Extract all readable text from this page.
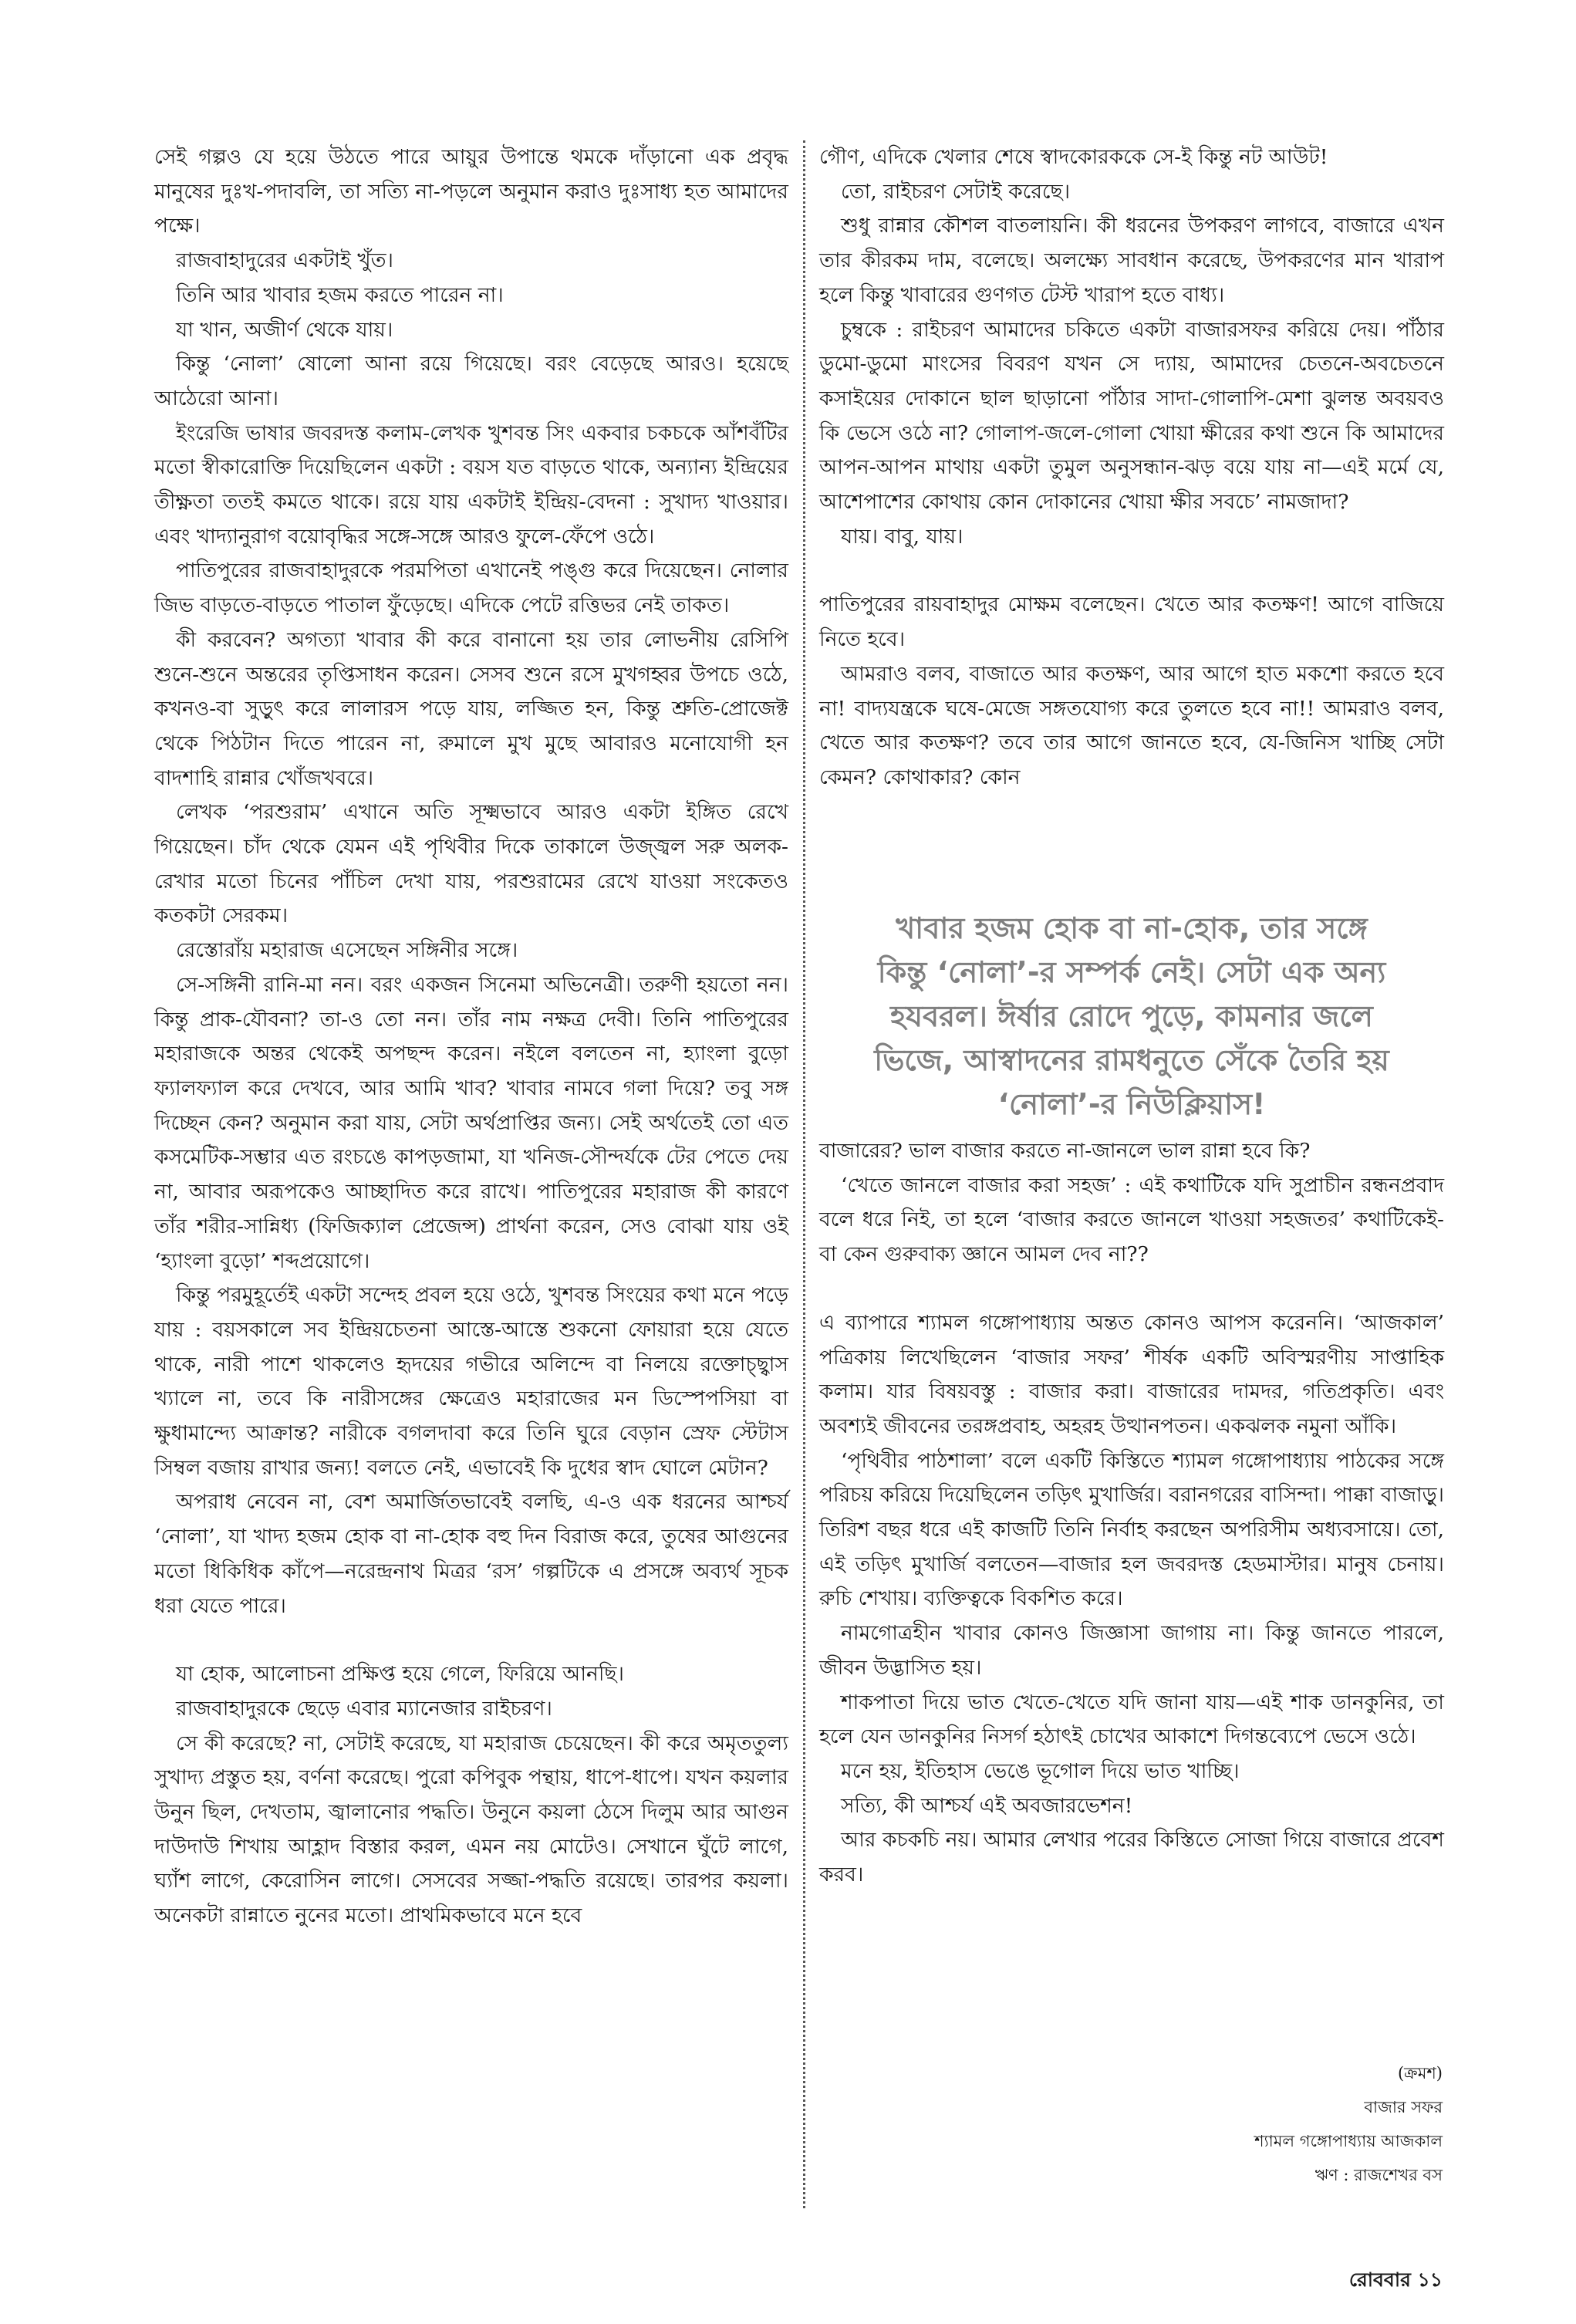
সেই গল্পও যে হয়ে উঠতে পারে আয়ুর উপান্তে থমকে দাঁড়ানো এক প্রবৃদ্ধ মানুষের দুঃখ-পদাবলি, তা সত্যি না-পড়লে অনুমান করাও দুঃসাধ্য হত আমাদের পক্ষে।

রাজবাহাদুরের একটাই খুঁত।

তিনি আর খাবার হজম করতে পারেন না।

যা খান, অজীর্ণ থেকে যায়।

কিন্তু ‘নোলা’ ষোলো আনা রয়ে গিয়েছে। বরং বেড়েছে আরও। হয়েছে আঠেরো আনা।

ইংরেজি ভাষার জবরদস্ত কলাম-লেখক খুশবন্ত সিং একবার চকচকে আঁশবঁটির মতো স্বীকারোক্তি দিয়েছিলেন একটা : বয়স যত বাড়তে থাকে, অন্যান্য ইন্দ্রিয়ের তীক্ষ্ণতা ততই কমতে থাকে। রয়ে যায় একটাই ইন্দ্রিয়-বেদনা : সুখাদ্য খাওয়ার। এবং খাদ্যানুরাগ বয়োবৃদ্ধির সঙ্গে-সঙ্গে আরও ফুলে-ফেঁপে ওঠে।

পাতিপুরের রাজবাহাদুরকে পরমপিতা এখানেই পঙ্গু করে দিয়েছেন। নোলার জিভ বাড়তে-বাড়তে পাতাল ফুঁড়েছে। এদিকে পেটে রত্তিভর নেই তাকত।

কী করবেন? অগত্যা খাবার কী করে বানানো হয় তার লোভনীয় রেসিপি শুনে-শুনে অন্তরের তৃপ্তিসাধন করেন। সেসব শুনে রসে মুখগহ্বর উপচে ওঠে, কখনও-বা সুড়ুৎ করে লালারস পড়ে যায়, লজ্জিত হন, কিন্তু শ্রুতি-প্রোজেক্ট থেকে পিঠটান দিতে পারেন না, রুমালে মুখ মুছে আবারও মনোযোগী হন বাদশাহি রান্নার খোঁজখবরে।

লেখক ‘পরশুরাম’ এখানে অতি সূক্ষ্মভাবে আরও একটা ইঙ্গিত রেখে গিয়েছেন। চাঁদ থেকে যেমন এই পৃথিবীর দিকে তাকালে উজ্জ্বল সরু অলক-রেখার মতো চিনের পাঁচিল দেখা যায়, পরশুরামের রেখে যাওয়া সংকেতও কতকটা সেরকম।

রেস্তোরাঁয় মহারাজ এসেছেন সঙ্গিনীর সঙ্গে।

সে-সঙ্গিনী রানি-মা নন। বরং একজন সিনেমা অভিনেত্রী। তরুণী হয়তো নন। কিন্তু প্রাক-যৌবনা? তা-ও তো নন। তাঁর নাম নক্ষত্র দেবী। তিনি পাতিপুরের মহারাজকে অন্তর থেকেই অপছন্দ করেন। নইলে বলতেন না, হ্যাংলা বুড়ো ফ্যালফ্যাল করে দেখবে, আর আমি খাব? খাবার নামবে গলা দিয়ে? তবু সঙ্গ দিচ্ছেন কেন? অনুমান করা যায়, সেটা অর্থপ্রাপ্তির জন্য। সেই অর্থতেই তো এত কসমেটিক-সম্ভার এত রংচঙে কাপড়জামা, যা খনিজ-সৌন্দর্যকে টের পেতে দেয় না, আবার অরূপকেও আচ্ছাদিত করে রাখে। পাতিপুরের মহারাজ কী কারণে তাঁর শরীর-সান্নিধ্য (ফিজিক্যাল প্রেজেন্স) প্রার্থনা করেন, সেও বোঝা যায় ওই ‘হ্যাংলা বুড়ো’ শব্দপ্রয়োগে।

কিন্তু পরমুহূর্তেই একটা সন্দেহ প্রবল হয়ে ওঠে, খুশবন্ত সিংয়ের কথা মনে পড়ে যায় : বয়সকালে সব ইন্দ্রিয়চেতনা আস্তে-আস্তে শুকনো ফোয়ারা হয়ে যেতে থাকে, নারী পাশে থাকলেও হৃদয়ের গভীরে অলিন্দে বা নিলয়ে রক্তোচ্ছ্বাস খ্যালে না, তবে কি নারীসঙ্গের ক্ষেত্রেও মহারাজের মন ডিস্পেপসিয়া বা ক্ষুধামান্দ্যে আক্রান্ত? নারীকে বগলদাবা করে তিনি ঘুরে বেড়ান স্রেফ স্টেটাস সিম্বল বজায় রাখার জন্য! বলতে নেই, এভাবেই কি দুধের স্বাদ ঘোলে মেটান?

অপরাধ নেবেন না, বেশ অমার্জিতভাবেই বলছি, এ-ও এক ধরনের আশ্চর্য ‘নোলা’, যা খাদ্য হজম হোক বা না-হোক বহু দিন বিরাজ করে, তুষের আগুনের মতো ধিকিধিক কাঁপে—নরেন্দ্রনাথ মিত্রর ‘রস’ গল্পটিকে এ প্রসঙ্গে অব্যর্থ সূচক ধরা যেতে পারে।

যা হোক, আলোচনা প্রক্ষিপ্ত হয়ে গেলে, ফিরিয়ে আনছি।

রাজবাহাদুরকে ছেড়ে এবার ম্যানেজার রাইচরণ।

সে কী করেছে? না, সেটাই করেছে, যা মহারাজ চেয়েছেন। কী করে অমৃততুল্য সুখাদ্য প্রস্তুত হয়, বর্ণনা করেছে। পুরো কপিবুক পন্থায়, ধাপে-ধাপে। যখন কয়লার উনুন ছিল, দেখতাম, জ্বালানোর পদ্ধতি। উনুনে কয়লা ঠেসে দিলুম আর আগুন দাউদাউ শিখায় আহ্লাদ বিস্তার করল, এমন নয় মোটেও। সেখানে ঘুঁটে লাগে, ঘ্যাঁশ লাগে, কেরোসিন লাগে। সেসবের সজ্জা-পদ্ধতি রয়েছে। তারপর কয়লা। অনেকটা রান্নাতে নুনের মতো। প্রাথমিকভাবে মনে হবে

গৌণ, এদিকে খেলার শেষে স্বাদকোরককে সে-ই কিন্তু নট আউট!

তো, রাইচরণ সেটাই করেছে।

শুধু রান্নার কৌশল বাতলায়নি। কী ধরনের উপকরণ লাগবে, বাজারে এখন তার কীরকম দাম, বলেছে। অলক্ষ্যে সাবধান করেছে, উপকরণের মান খারাপ হলে কিন্তু খাবারের গুণগত টেস্ট খারাপ হতে বাধ্য।

চুম্বকে : রাইচরণ আমাদের চকিতে একটা বাজারসফর করিয়ে দেয়। পাঁঠার ডুমো-ডুমো মাংসের বিবরণ যখন সে দ্যায়, আমাদের চেতনে-অবচেতনে কসাইয়ের দোকানে ছাল ছাড়ানো পাঁঠার সাদা-গোলাপি-মেশা ঝুলন্ত অবয়বও কি ভেসে ওঠে না? গোলাপ-জলে-গোলা খোয়া ক্ষীরের কথা শুনে কি আমাদের আপন-আপন মাথায় একটা তুমুল অনুসন্ধান-ঝড় বয়ে যায় না—এই মর্মে যে, আশেপাশের কোথায় কোন দোকানের খোয়া ক্ষীর সবচে’ নামজাদা?

যায়। বাবু, যায়।

পাতিপুরের রায়বাহাদুর মোক্ষম বলেছেন। খেতে আর কতক্ষণ! আগে বাজিয়ে নিতে হবে।

আমরাও বলব, বাজাতে আর কতক্ষণ, আর আগে হাত মকশো করতে হবে না! বাদ্যযন্ত্রকে ঘষে-মেজে সঙ্গতযোগ্য করে তুলতে হবে না!! আমরাও বলব, খেতে আর কতক্ষণ? তবে তার আগে জানতে হবে, যে-জিনিস খাচ্ছি সেটা কেমন? কোথাকার? কোন

খাবার হজম হোক বা না-হোক, তার সঙ্গে

কিন্তু ‘নোলা’-র সম্পর্ক নেই। সেটা এক অন্য

হযবরল। ঈর্ষার রোদে পুড়ে, কামনার জলে

ভিজে, আস্বাদনের রামধনুতে সেঁকে তৈরি হয়

‘নোলা’-র নিউক্লিয়াস!

বাজারের? ভাল বাজার করতে না-জানলে ভাল রান্না হবে কি?

‘খেতে জানলে বাজার করা সহজ’ : এই কথাটিকে যদি সুপ্রাচীন রন্ধনপ্রবাদ বলে ধরে নিই, তা হলে ‘বাজার করতে জানলে খাওয়া সহজতর’ কথাটিকেই-বা কেন গুরুবাক্য জ্ঞানে আমল দেব না??

এ ব্যাপারে শ্যামল গঙ্গোপাধ্যায় অন্তত কোনও আপস করেননি। ‘আজকাল’ পত্রিকায় লিখেছিলেন ‘বাজার সফর’ শীর্ষক একটি অবিস্মরণীয় সাপ্তাহিক কলাম। যার বিষয়বস্তু : বাজার করা। বাজারের দামদর, গতিপ্রকৃতি। এবং অবশ্যই জীবনের তরঙ্গপ্রবাহ, অহরহ উত্থানপতন। একঝলক নমুনা আঁকি।

‘পৃথিবীর পাঠশালা’ বলে একটি কিস্তিতে শ্যামল গঙ্গোপাধ্যায় পাঠকের সঙ্গে পরিচয় করিয়ে দিয়েছিলেন তড়িৎ মুখার্জির। বরানগরের বাসিন্দা। পাক্কা বাজাড়ু। তিরিশ বছর ধরে এই কাজটি তিনি নির্বাহ করছেন অপরিসীম অধ্যবসায়ে। তো, এই তড়িৎ মুখার্জি বলতেন—বাজার হল জবরদস্ত হেডমাস্টার। মানুষ চেনায়। রুচি শেখায়। ব্যক্তিত্বকে বিকশিত করে।

নামগোত্রহীন খাবার কোনও জিজ্ঞাসা জাগায় না। কিন্তু জানতে পারলে, জীবন উদ্ভাসিত হয়।

শাকপাতা দিয়ে ভাত খেতে-খেতে যদি জানা যায়—এই শাক ডানকুনির, তা হলে যেন ডানকুনির নিসর্গ হঠাৎই চোখের আকাশে দিগন্তব্যেপে ভেসে ওঠে।

মনে হয়, ইতিহাস ভেঙে ভূগোল দিয়ে ভাত খাচ্ছি।

সত্যি, কী আশ্চর্য এই অবজারভেশন!

আর কচকচি নয়। আমার লেখার পরের কিস্তিতে সোজা গিয়ে বাজারে প্রবেশ করব।

(ক্রমশ)
বাজার সফর
শ্যামল গঙ্গোপাধ্যায় আজকাল
ঋণ : রাজশেখর বস
রোববার ১১
